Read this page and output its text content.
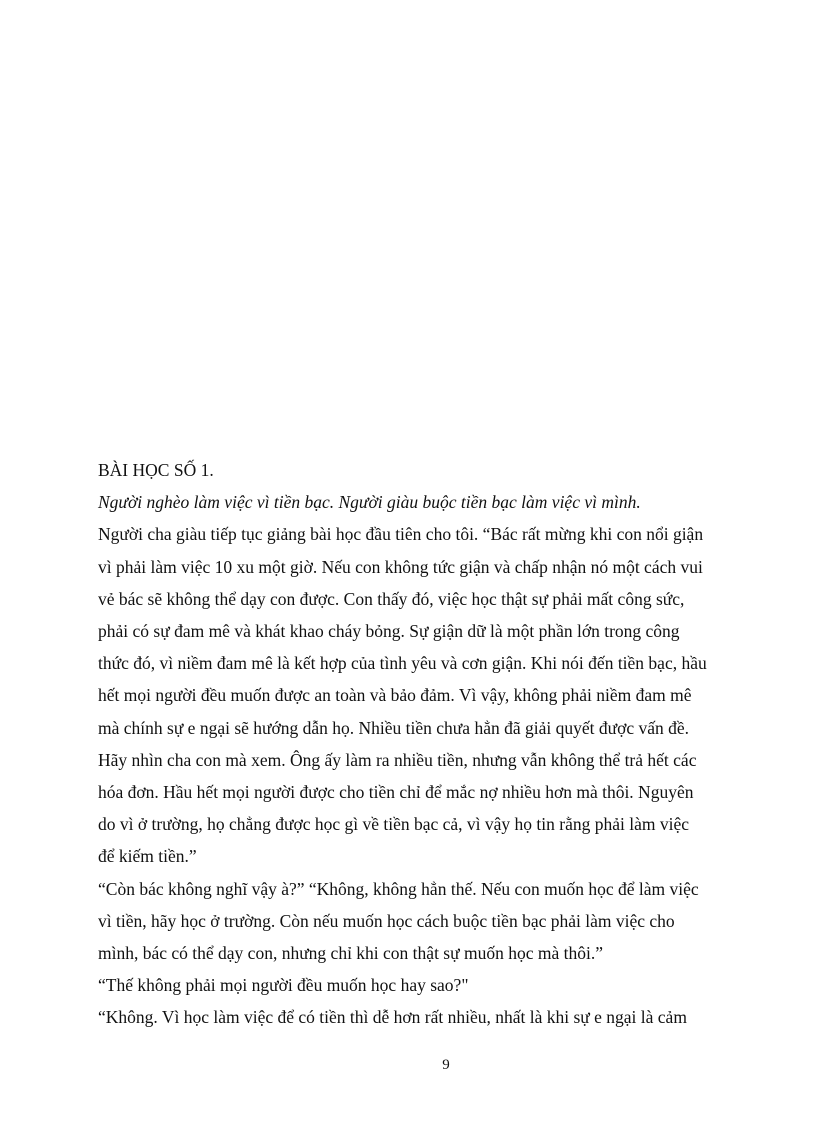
BÀI HỌC SỐ 1.

Người nghèo làm việc vì tiền bạc. Người giàu buộc tiền bạc làm việc vì mình.

Người cha giàu tiếp tục giảng bài học đầu tiên cho tôi. “Bác rất mừng khi con nổi giận

vì phải làm việc 10 xu một giờ. Nếu con không tức giận và chấp nhận nó một cách vui

vẻ bác sẽ không thể dạy con được. Con thấy đó, việc học thật sự phải mất công sức,

phải có sự đam mê và khát khao cháy bỏng. Sự giận dữ là một phần lớn trong công

thức đó, vì niềm đam mê là kết hợp của tình yêu và cơn giận. Khi nói đến tiền bạc, hầu

hết mọi người đều muốn được an toàn và bảo đảm. Vì vậy, không phải niềm đam mê

mà chính sự e ngại sẽ hướng dẫn họ. Nhiều tiền chưa hẳn đã giải quyết được vấn đề.

Hãy nhìn cha con mà xem. Ông ấy làm ra nhiều tiền, nhưng vẫn không thể trả hết các

hóa đơn. Hầu hết mọi người được cho tiền chỉ để mắc nợ nhiều hơn mà thôi. Nguyên

do vì ở trường, họ chẳng được học gì về tiền bạc cả, vì vậy họ tin rằng phải làm việc

để kiếm tiền.”

“Còn bác không nghĩ vậy à?” “Không, không hẳn thế. Nếu con muốn học để làm việc

vì tiền, hãy học ở trường. Còn nếu muốn học cách buộc tiền bạc phải làm việc cho

mình, bác có thể dạy con, nhưng chỉ khi con thật sự muốn học mà thôi.”

“Thế không phải mọi người đều muốn học hay sao?"

“Không. Vì học làm việc để có tiền thì dễ hơn rất nhiều, nhất là khi sự e ngại là cảm

9
